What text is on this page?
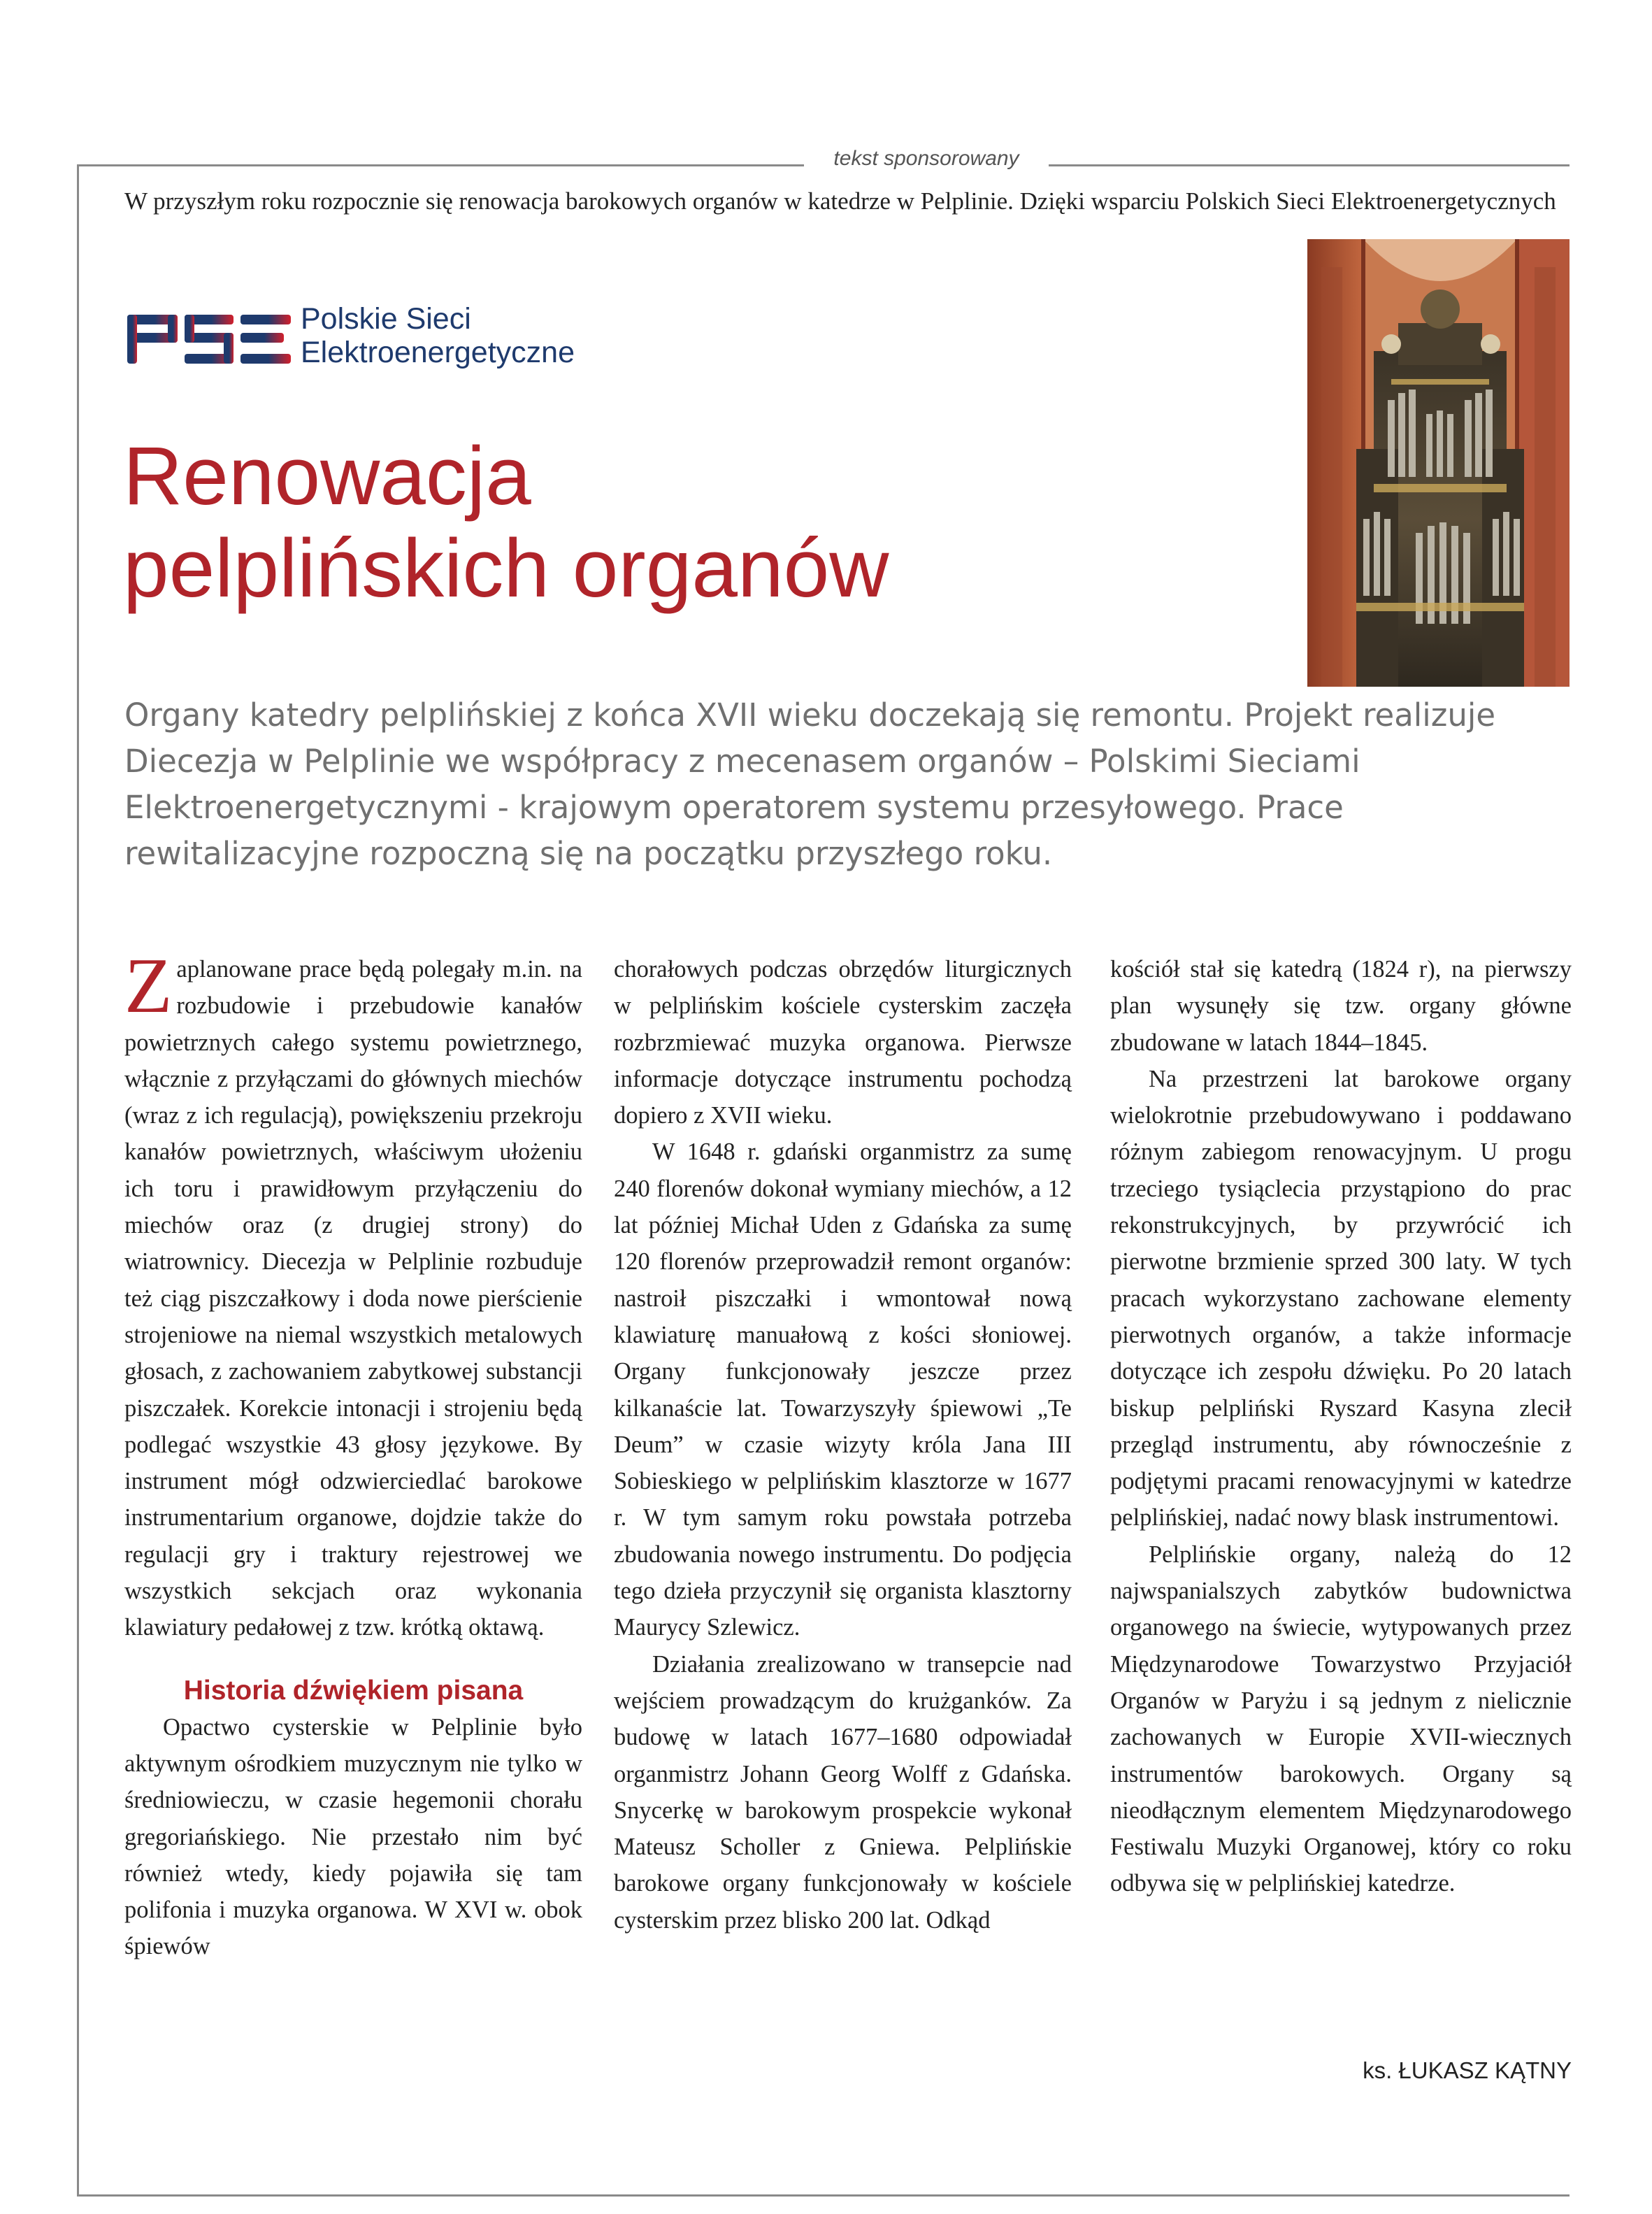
tekst sponsorowany
W przyszłym roku rozpocznie się renowacja barokowych organów w katedrze w Pelplinie. Dzięki wsparciu Polskich Sieci Elektroenergetycznych
Polskie Sieci
Elektroenergetyczne
Renowacja
pelplińskich organów
Organy katedry pelplińskiej z końca XVII wieku doczekają się remontu. Projekt realizuje Diecezja w Pelplinie we współpracy z mecenasem organów – Polskimi Sieciami Elektroenergetycznymi - krajowym operatorem systemu przesyłowego. Prace rewitalizacyjne rozpoczną się na początku przyszłego roku.

Zaplanowane prace będą polegały m.in. na rozbudowie i przebudowie kanałów powietrznych całego systemu powietrznego, włącznie z przyłączami do głównych miechów (wraz z ich regulacją), powiększeniu przekroju kanałów powietrznych, właściwym ułożeniu ich toru i prawidłowym przyłączeniu do miechów oraz (z drugiej strony) do wiatrownicy. Diecezja w Pelplinie rozbuduje też ciąg piszczałkowy i doda nowe pierścienie strojeniowe na niemal wszystkich metalowych głosach, z zachowaniem zabytkowej substancji piszczałek. Korekcie intonacji i strojeniu będą podlegać wszystkie 43 głosy językowe. By instrument mógł odzwierciedlać barokowe instrumentarium organowe, dojdzie także do regulacji gry i traktury rejestrowej we wszystkich sekcjach oraz wykonania klawiatury pedałowej z tzw. krótką oktawą.

Historia dźwiękiem pisana

Opactwo cysterskie w Pelplinie było aktywnym ośrodkiem muzycznym nie tylko w średniowieczu, w czasie hegemonii chorału gregoriańskiego. Nie przestało nim być również wtedy, kiedy pojawiła się tam polifonia i muzyka organowa. W XVI w. obok śpiewów

chorałowych podczas obrzędów liturgicznych w pelplińskim kościele cysterskim zaczęła rozbrzmiewać muzyka organowa. Pierwsze informacje dotyczące instrumentu pochodzą dopiero z XVII wieku.

W 1648 r. gdański organmistrz za sumę 240 florenów dokonał wymiany miechów, a 12 lat później Michał Uden z Gdańska za sumę 120 florenów przeprowadził remont organów: nastroił piszczałki i wmontował nową klawiaturę manuałową z kości słoniowej. Organy funkcjonowały jeszcze przez kilkanaście lat. Towarzyszyły śpiewowi „Te Deum” w czasie wizyty króla Jana III Sobieskiego w pelplińskim klasztorze w 1677 r. W tym samym roku powstała potrzeba zbudowania nowego instrumentu. Do podjęcia tego dzieła przyczynił się organista klasztorny Maurycy Szlewicz.

Działania zrealizowano w transepcie nad wejściem prowadzącym do krużganków. Za budowę w latach 1677–1680 odpowiadał organmistrz Johann Georg Wolff z Gdańska. Snycerkę w barokowym prospekcie wykonał Mateusz Scholler z Gniewa. Pelplińskie barokowe organy funkcjonowały w kościele cysterskim przez blisko 200 lat. Odkąd

kościół stał się katedrą (1824 r), na pierwszy plan wysunęły się tzw. organy główne zbudowane w latach 1844–1845.

Na przestrzeni lat barokowe organy wielokrotnie przebudowywano i poddawano różnym zabiegom renowacyjnym. U progu trzeciego tysiąclecia przystąpiono do prac rekonstrukcyjnych, by przywrócić ich pierwotne brzmienie sprzed 300 laty. W tych pracach wykorzystano zachowane elementy pierwotnych organów, a także informacje dotyczące ich zespołu dźwięku. Po 20 latach biskup pelpliński Ryszard Kasyna zlecił przegląd instrumentu, aby równocześnie z podjętymi pracami renowacyjnymi w katedrze pelplińskiej, nadać nowy blask instrumentowi.

Pelplińskie organy, należą do 12 najwspanialszych zabytków budownictwa organowego na świecie, wytypowanych przez Międzynarodowe Towarzystwo Przyjaciół Organów w Paryżu i są jednym z nielicznie zachowanych w Europie XVII-wiecznych instrumentów barokowych. Organy są nieodłącznym elementem Międzynarodowego Festiwalu Muzyki Organowej, który co roku odbywa się w pelplińskiej katedrze.

ks. ŁUKASZ KĄTNY
